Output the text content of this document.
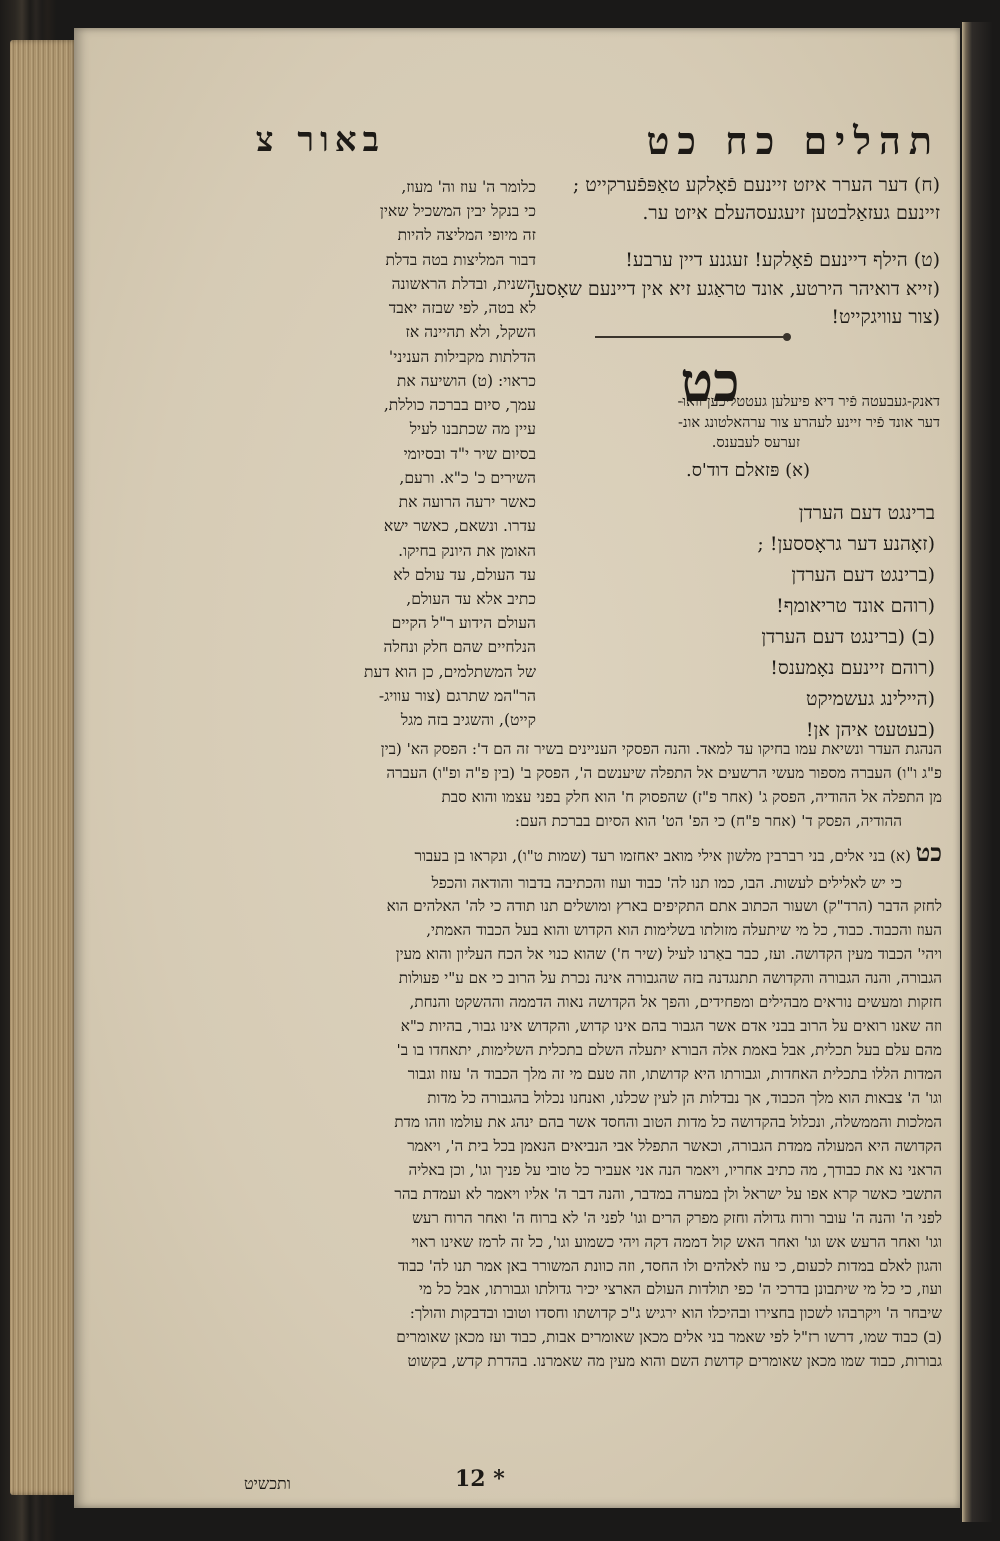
תהלים כח כט
באור צ
(ח) דער הערר איזט זיינעם פֿאָלקע טאַפּפֿערקייט ;
זיינעם געזאַלבטען זיעגעסהעלם איזט ער.
(ט) הילף דיינעם פֿאָלקע! זעגנע דיין ערבע!
(זייא דואיהר הירטע, אונד טראַגע זיא אין דיינעם שאָסע,
(צור עוויגקייט!
כט
דאנק-געבעטה פֿיר דיא פיעלען געטטליכען וואוּ-
דער אונד פֿיר זיינע לעהרע צור ערהאלטונג אונ-
זערעס לעבענס.
(א) פּזאלם דוד'ס.
ברינגט דעם הערדן
(זאָהנע דער גראָססען! ;
(ברינגט דעם הערדן
(רוהם אונד טריאומף!
(ב) (ברינגט דעם הערדן
(רוהם זיינעם נאָמענס!
(היילינג געשמיקט
(בעטעט איהן אן!
כלומר ה' עוז וה' מעוז,
כי בנקל יבין המשכיל שאין
זה מיופי המליצה להיות
דבור המליצות בטה בדלת
השנית, ובדלת הראשונה
לא בטה, לפי שבזה יאבד
השקל, ולא תהיינה אז
הדלתות מקבילות העניני'
כראוי: (ט) הושיעה את
עמך, סיום בברכה כוללת,
עיין מה שכתבנו לעיל
בסיום שיר י"ד ובסיומי
השירים כ' כ"א. ורעם,
כאשר ירעה הרועה את
עדרו. ונשאם, כאשר ישא
האומן את היונק בחיקו.
עד העולם, עד עולם לא
כתיב אלא עד העולם,
העולם הידוע ר"ל הקיים
הנלחיים שהם חלק ונחלה
של המשתלמים, כן הוא דעת
הר"המ שתרגם (צור עוויג-
קייט), והשגיב בזה מגל
הנהגת העדר ונשיאת עמו בחיקו עד למאד. והנה הפסקי העניינים בשיר זה הם ד': הפסק הא' (בין
פ"ג ו"ו) העברה מספור מעשי הרשעים אל התפלה שיענשם ה', הפסק ב' (בין פ"ה ופ"ו) העברה
מן התפלה אל ההודיה, הפסק ג' (אחר פ"ז) שהפסוק ח' הוא חלק בפני עצמו והוא סבת
ההודיה, הפסק ד' (אחר פ"ח) כי הפ' הט' הוא הסיום בברכת העם:
כט (א) בני אלים, בני רברבין מלשון אילי מואב יאחזמו רעד (שמות ט"ו), ונקראו בן בעבור
כי יש לאלילים לעשות. הבו, כמו תנו לה' כבוד ועוז והכתיבה בדבור והודאה והכפל
לחזק הדבר (הרד"ק) ושעור הכתוב אתם התקיפים בארץ ומושלים תנו תודה כי לה' האלהים הוא
העוז והכבוד. כבוד, כל מי שיתעלה מזולתו בשלימות הוא הקדוש והוא בעל הכבוד האמתי,
ויהי' הכבוד מעין הקדושה. ועז, כבר באַרנו לעיל (שיר ח') שהוא כנוי אל הכח העליון והוא מעין
הגבורה, והנה הגבורה והקדושה תתנגדנה בזה שהגבורה אינה נכרת על הרוב כי אם ע"י פעולות
חזקות ומעשים נוראים מבהילים ומפחידים, והפך אל הקדושה נאוה הדממה וההשקט והנחת,
וזה שאנו רואים על הרוב בבני אדם אשר הגבור בהם אינו קדוש, והקדוש אינו גבור, בהיות כ"א
מהם עלם בעל תכלית, אבל באמת אלה הבורא יתעלה השלם בתכלית השלימות, יתאחדו בו ב'
המדות הללו בתכלית האחדות, וגבורתו היא קדושתו, וזה טעם מי זה מלך הכבוד ה' עזוז וגבור
וגו' ה' צבאות הוא מלך הכבוד, אך נבדלות הן לעין שכלנו, ואנחנו נכלול בהגבורה כל מדות
המלכות והממשלה, ונכלול בהקדושה כל מדות הטוב והחסד אשר בהם ינהג את עולמו וזהו מדת
הקדושה היא המעולה ממדת הגבורה, וכאשר התפלל אבי הנביאים הנאמן בכל בית ה', ויאמר
הראני נא את כבודך, מה כתיב אחריו, ויאמר הנה אני אעביר כל טובי על פניך וגו', וכן באליה
התשבי כאשר קרא אפו על ישראל ולן במערה במדבר, והנה דבר ה' אליו ויאמר לא ועמדת בהר
לפני ה' והנה ה' עובר ורוח גדולה וחזק מפרק הרים וגו' לפני ה' לא ברוח ה' ואחר הרוח רעש
וגו' ואחר הרעש אש וגו' ואחר האש קול דממה דקה ויהי כשמוע וגו', כל זה לרמז שאינו ראוי
והגון לאלם במדות לכעום, כי עוז לאלהים ולו החסד, וזה כוונת המשורר באן אמר תנו לה' כבוד
ועוז, כי כל מי שיתבונן בדרכי ה' כפי תולדות העולם הארצי יכיר גדולתו וגבורתו, אבל כל מי
שיבחר ה' ויקרבהו לשכון בחצירו ובהיכלו הוא ירגיש ג"כ קדושתו וחסדו וטובו ובדבקות והולך:
(ב) כבוד שמו, דרשו רז"ל לפי שאמר בני אלים מכאן שאומרים אבות, כבוד ועז מכאן שאומרים
גבורות, כבוד שמו מכאן שאומרים קדושת השם והוא מעין מה שאמרנו. בהדרת קדש, בקשוט
ותכשיט	12 *
